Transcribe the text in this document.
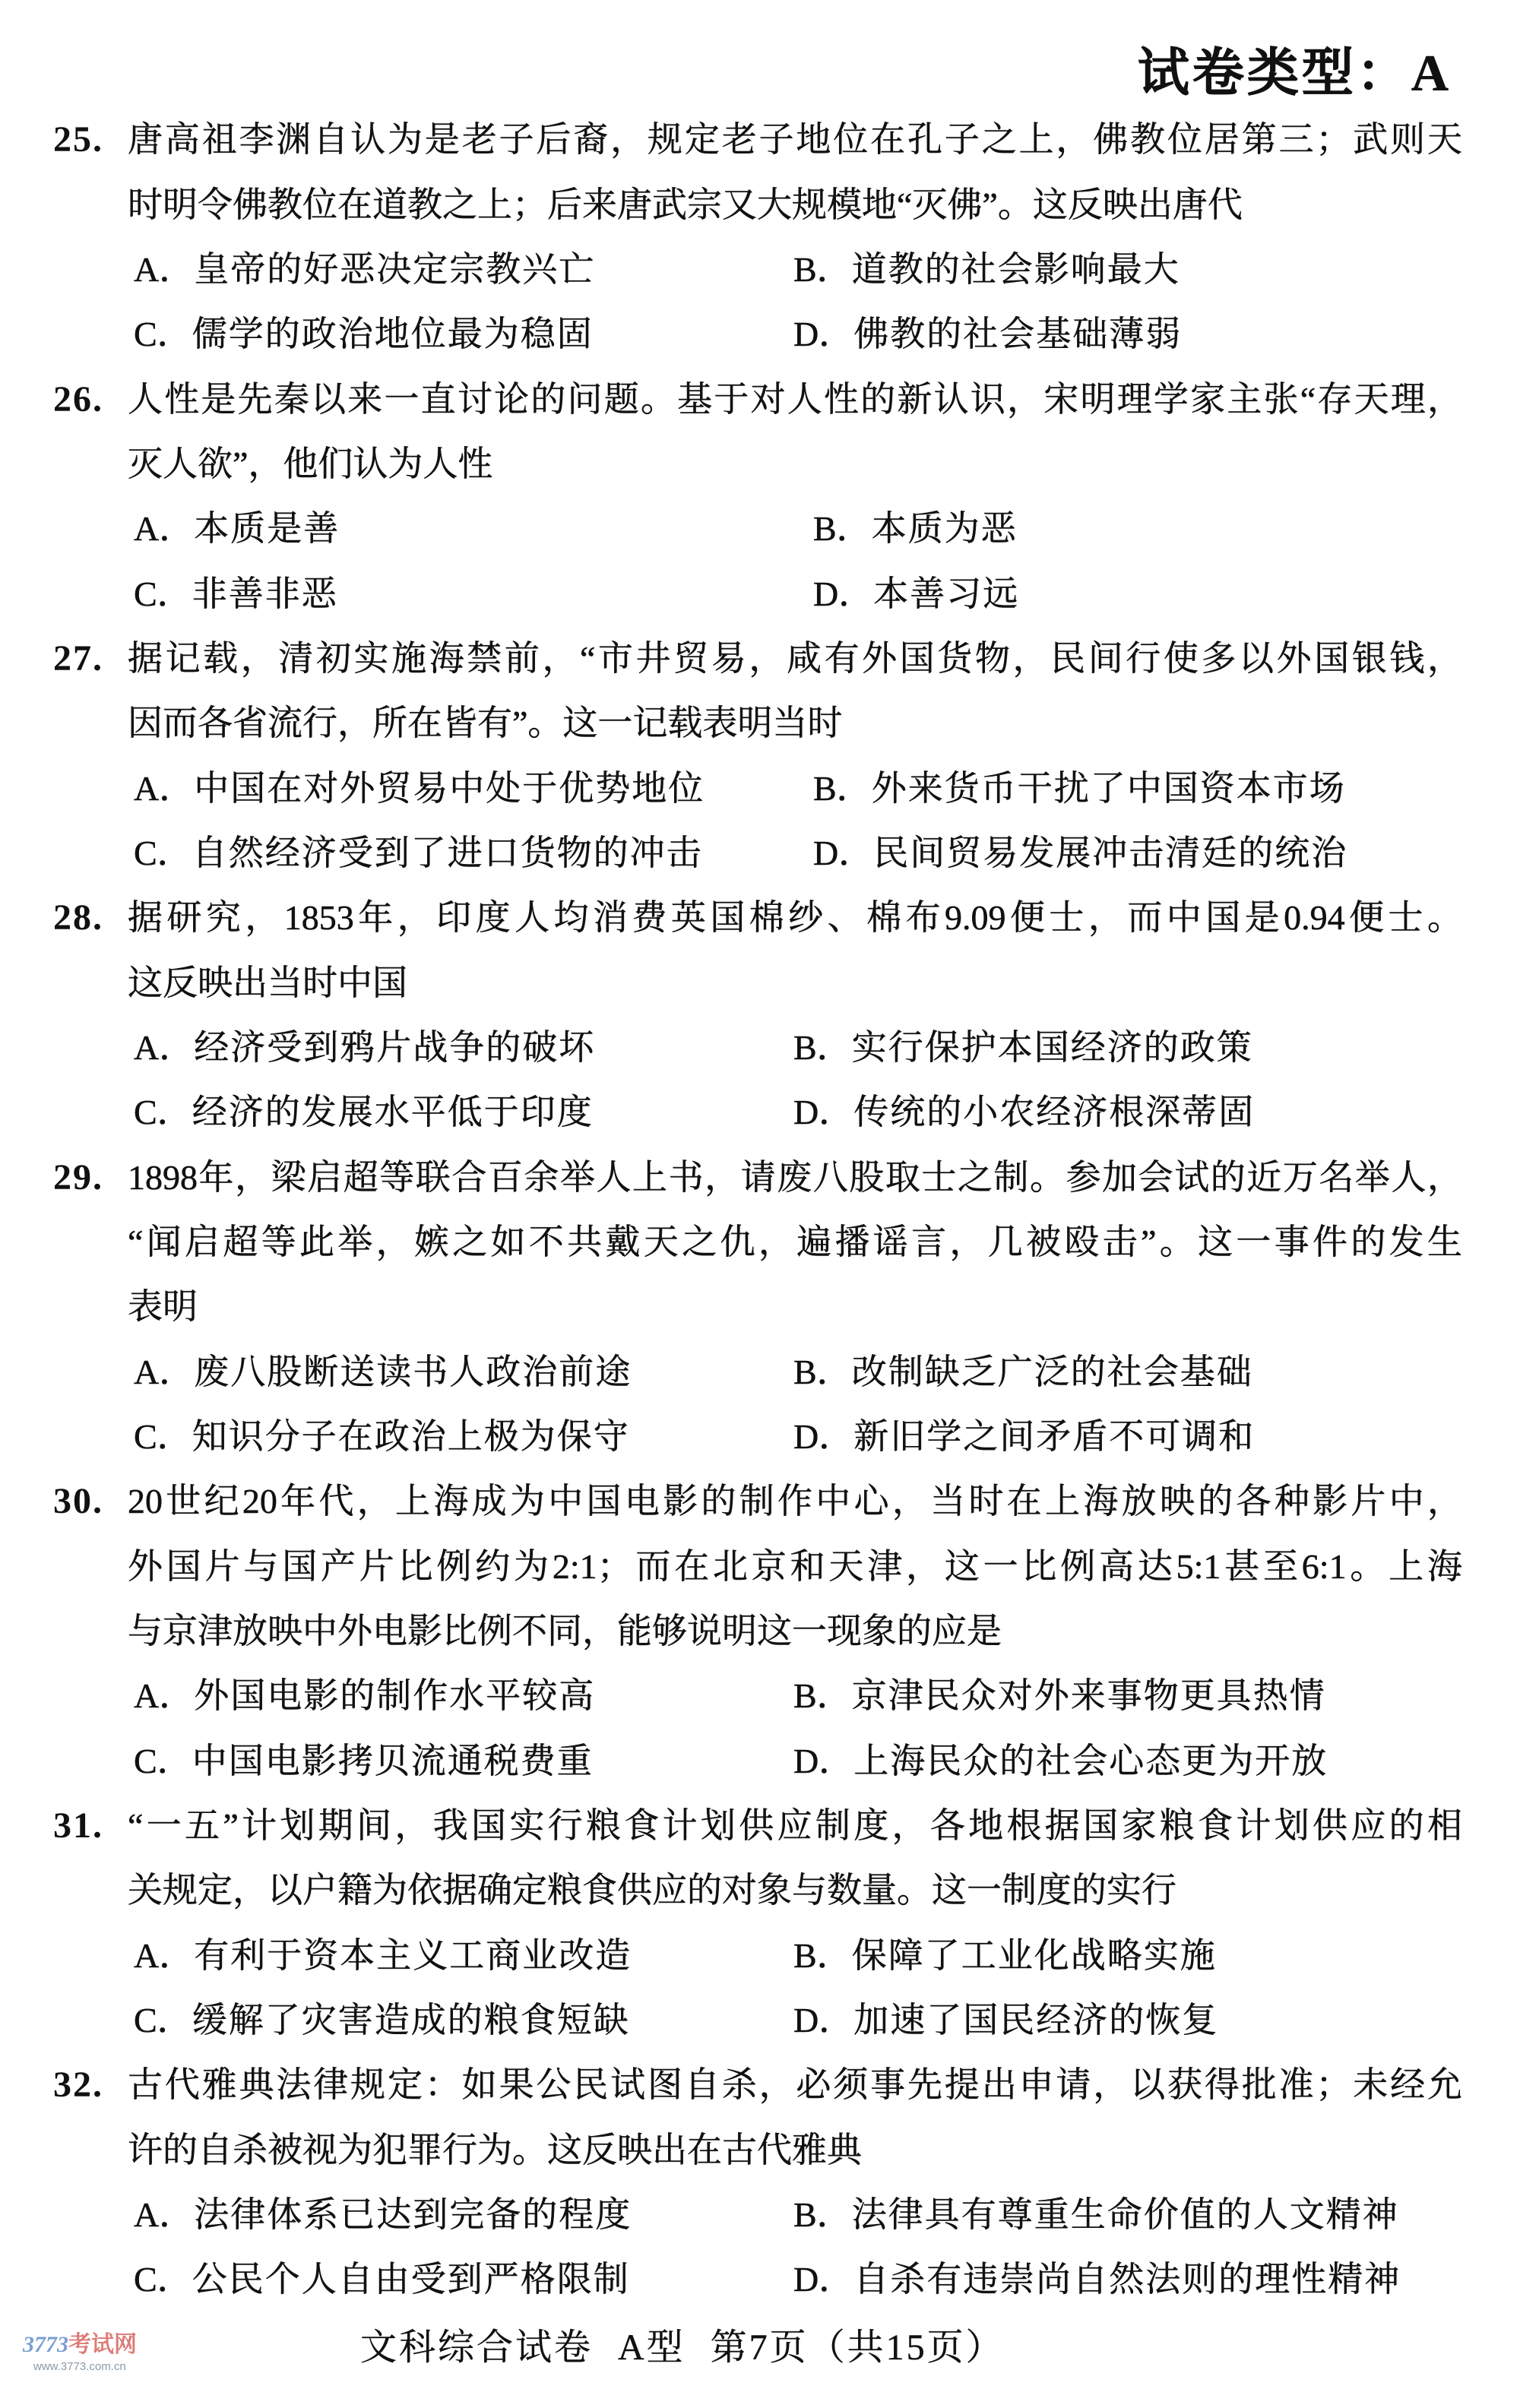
试卷类型：A
25. 唐高祖李渊自认为是老子后裔，规定老子地位在孔子之上，佛教位居第三；武则天
时明令佛教位在道教之上；后来唐武宗又大规模地“灭佛”。这反映出唐代
A．皇帝的好恶决定宗教兴亡	B．道教的社会影响最大
C．儒学的政治地位最为稳固	D．佛教的社会基础薄弱
26. 人性是先秦以来一直讨论的问题。基于对人性的新认识，宋明理学家主张“存天理，
灭人欲”，他们认为人性
A．本质是善	B．本质为恶
C．非善非恶	D．本善习远
27. 据记载，清初实施海禁前，“市井贸易，咸有外国货物，民间行使多以外国银钱，
因而各省流行，所在皆有”。这一记载表明当时
A．中国在对外贸易中处于优势地位	B．外来货币干扰了中国资本市场
C．自然经济受到了进口货物的冲击	D．民间贸易发展冲击清廷的统治
28. 据研究，1853年，印度人均消费英国棉纱、棉布9.09便士，而中国是0.94便士。
这反映出当时中国
A．经济受到鸦片战争的破坏	B．实行保护本国经济的政策
C．经济的发展水平低于印度	D．传统的小农经济根深蒂固
29. 1898年，梁启超等联合百余举人上书，请废八股取士之制。参加会试的近万名举人，
“闻启超等此举，嫉之如不共戴天之仇，遍播谣言，几被殴击”。这一事件的发生
表明
A．废八股断送读书人政治前途	B．改制缺乏广泛的社会基础
C．知识分子在政治上极为保守	D．新旧学之间矛盾不可调和
30. 20世纪20年代，上海成为中国电影的制作中心，当时在上海放映的各种影片中，
外国片与国产片比例约为2:1；而在北京和天津，这一比例高达5:1甚至6:1。上海
与京津放映中外电影比例不同，能够说明这一现象的应是
A．外国电影的制作水平较高	B．京津民众对外来事物更具热情
C．中国电影拷贝流通税费重	D．上海民众的社会心态更为开放
31. “一五”计划期间，我国实行粮食计划供应制度，各地根据国家粮食计划供应的相
关规定，以户籍为依据确定粮食供应的对象与数量。这一制度的实行
A．有利于资本主义工商业改造	B．保障了工业化战略实施
C．缓解了灾害造成的粮食短缺	D．加速了国民经济的恢复
32. 古代雅典法律规定：如果公民试图自杀，必须事先提出申请，以获得批准；未经允
许的自杀被视为犯罪行为。这反映出在古代雅典
A．法律体系已达到完备的程度	B．法律具有尊重生命价值的人文精神
C．公民个人自由受到严格限制	D．自杀有违崇尚自然法则的理性精神
3773考试网
www.3773.com.cn	文科综合试卷 A型 第7页（共15页）
